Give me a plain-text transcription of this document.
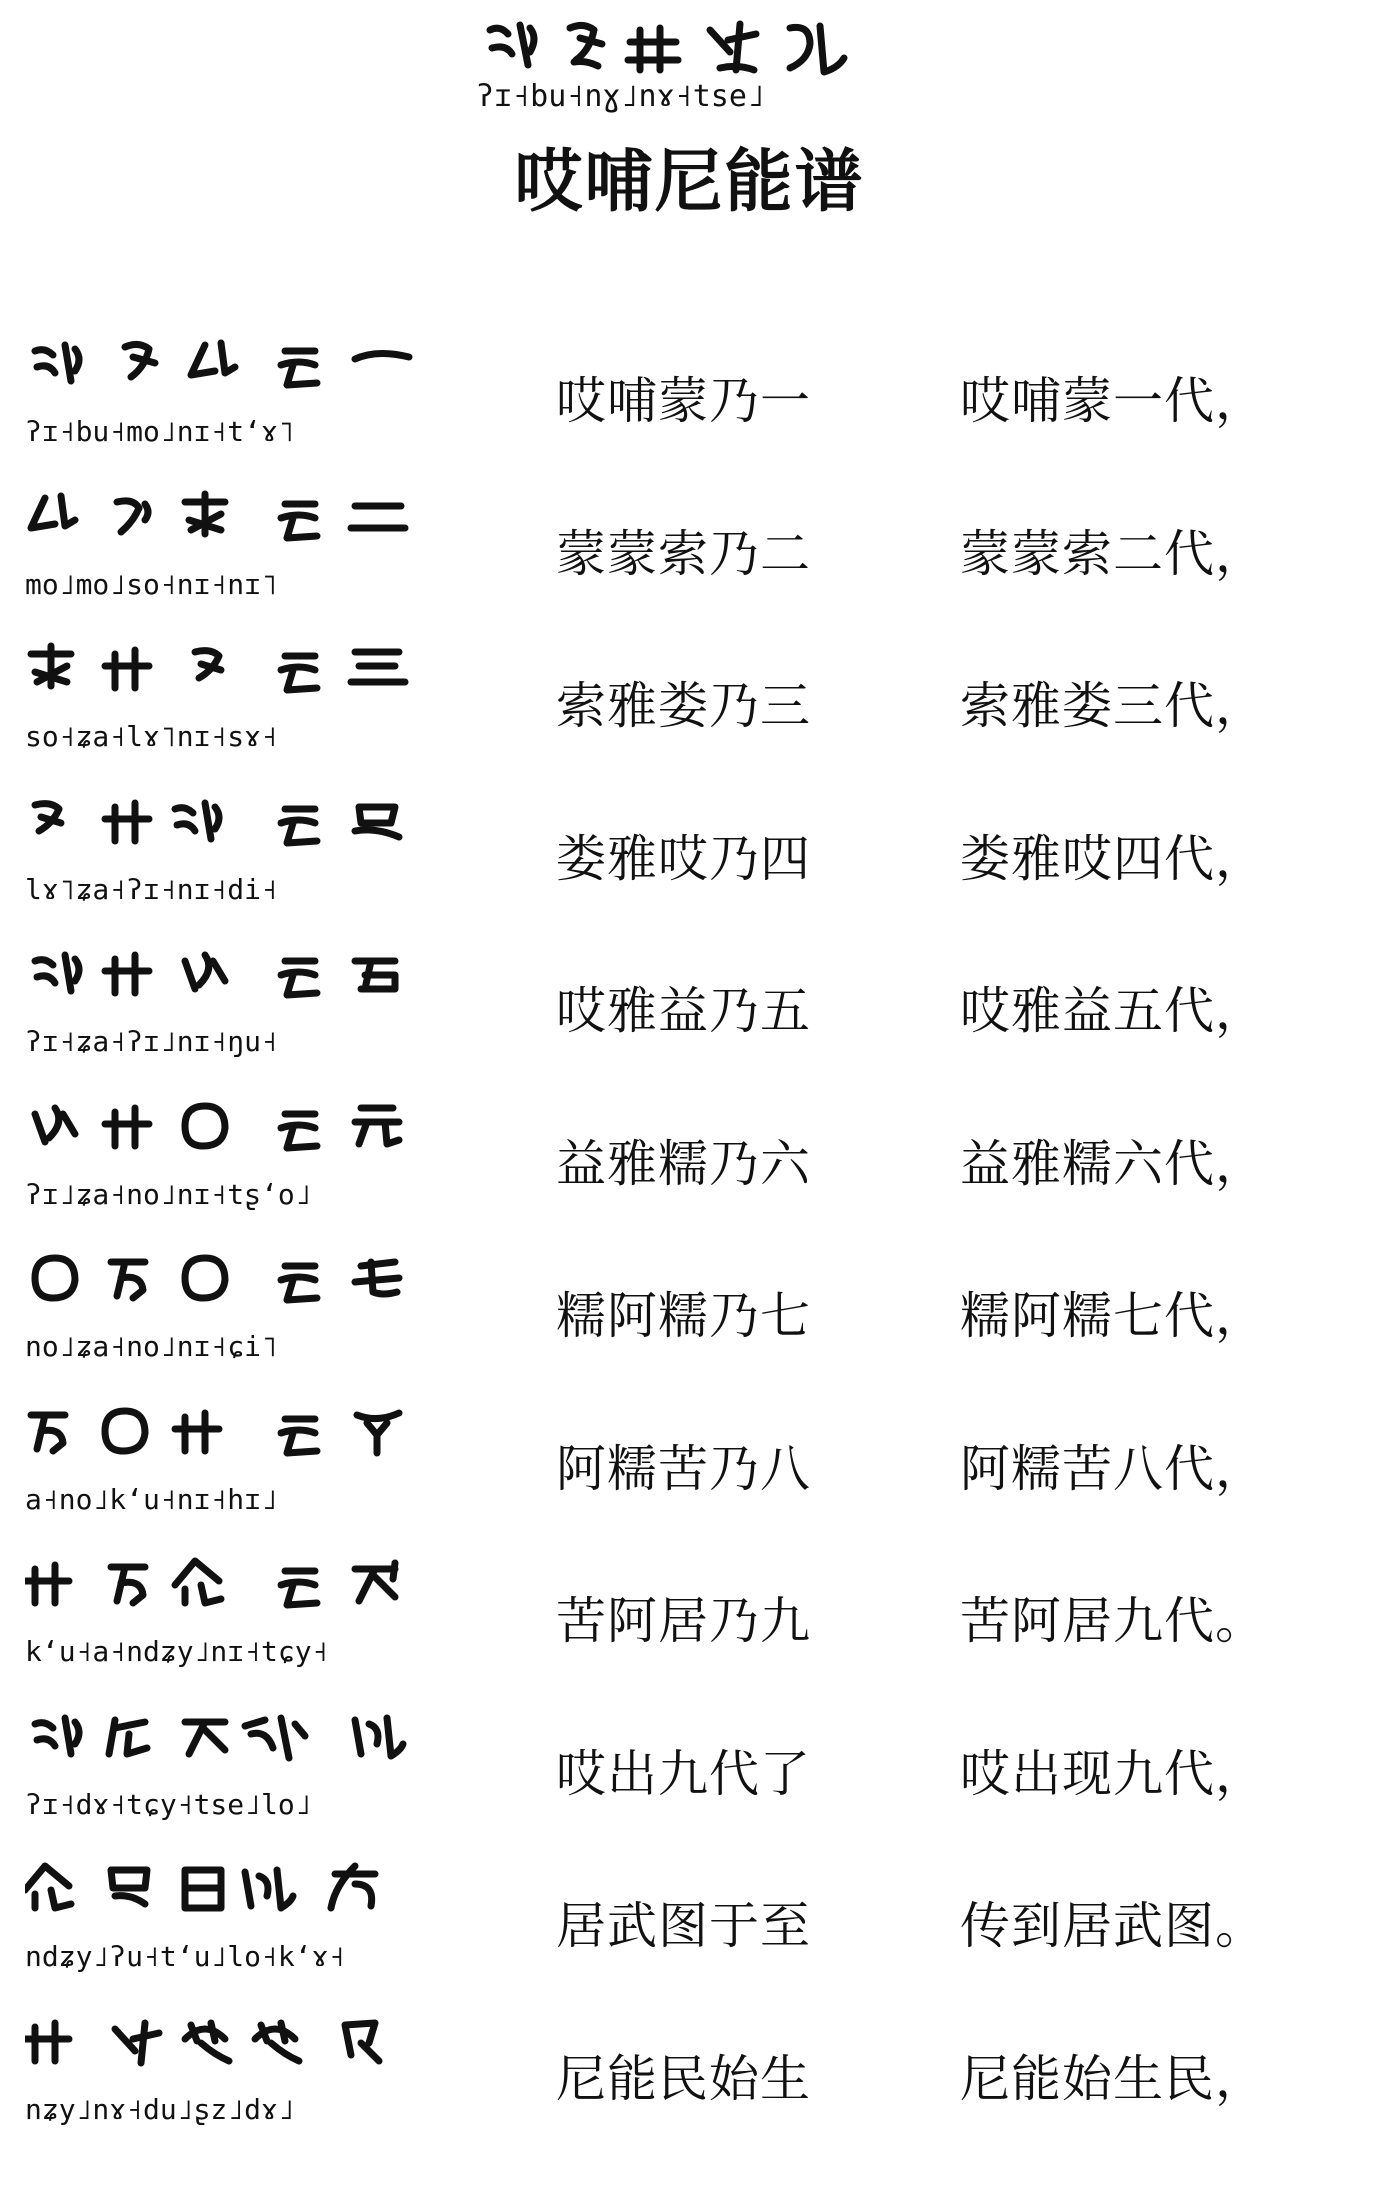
ʔɪ˧bu˧nɣ˩nɤ˧tse˩
哎哺尼能谱
ʔɪ˧bu˧mo˩nɪ˧tʻɤ˥
哎哺蒙乃一	哎哺蒙一代，
mo˩mo˩so˧nɪ˧nɪ˥
蒙蒙索乃二	蒙蒙索二代，
so˧ʑa˧lɤ˥nɪ˧sɤ˧
索雅娄乃三	索雅娄三代，
lɤ˥ʑa˧ʔɪ˧nɪ˧di˧
娄雅哎乃四	娄雅哎四代，
ʔɪ˧ʑa˧ʔɪ˩nɪ˧ŋu˧
哎雅益乃五	哎雅益五代，
ʔɪ˩ʑa˧no˩nɪ˧tʂʻo˩
益雅糯乃六	益雅糯六代，
no˩ʑa˧no˩nɪ˧ɕi˥
糯阿糯乃七	糯阿糯七代，
a˧no˩kʻu˧nɪ˧hɪ˩
阿糯苦乃八	阿糯苦八代，
kʻu˧a˧ndʑy˩nɪ˧tɕy˧
苦阿居乃九	苦阿居九代。
ʔɪ˧dɤ˧tɕy˧tse˩lo˩
哎出九代了	哎出现九代，
ndʑy˩ʔu˧tʻu˩lo˧kʻɤ˧
居武图于至	传到居武图。
nʑy˩nɤ˧du˩ʂz˩dɤ˩
尼能民始生	尼能始生民，
